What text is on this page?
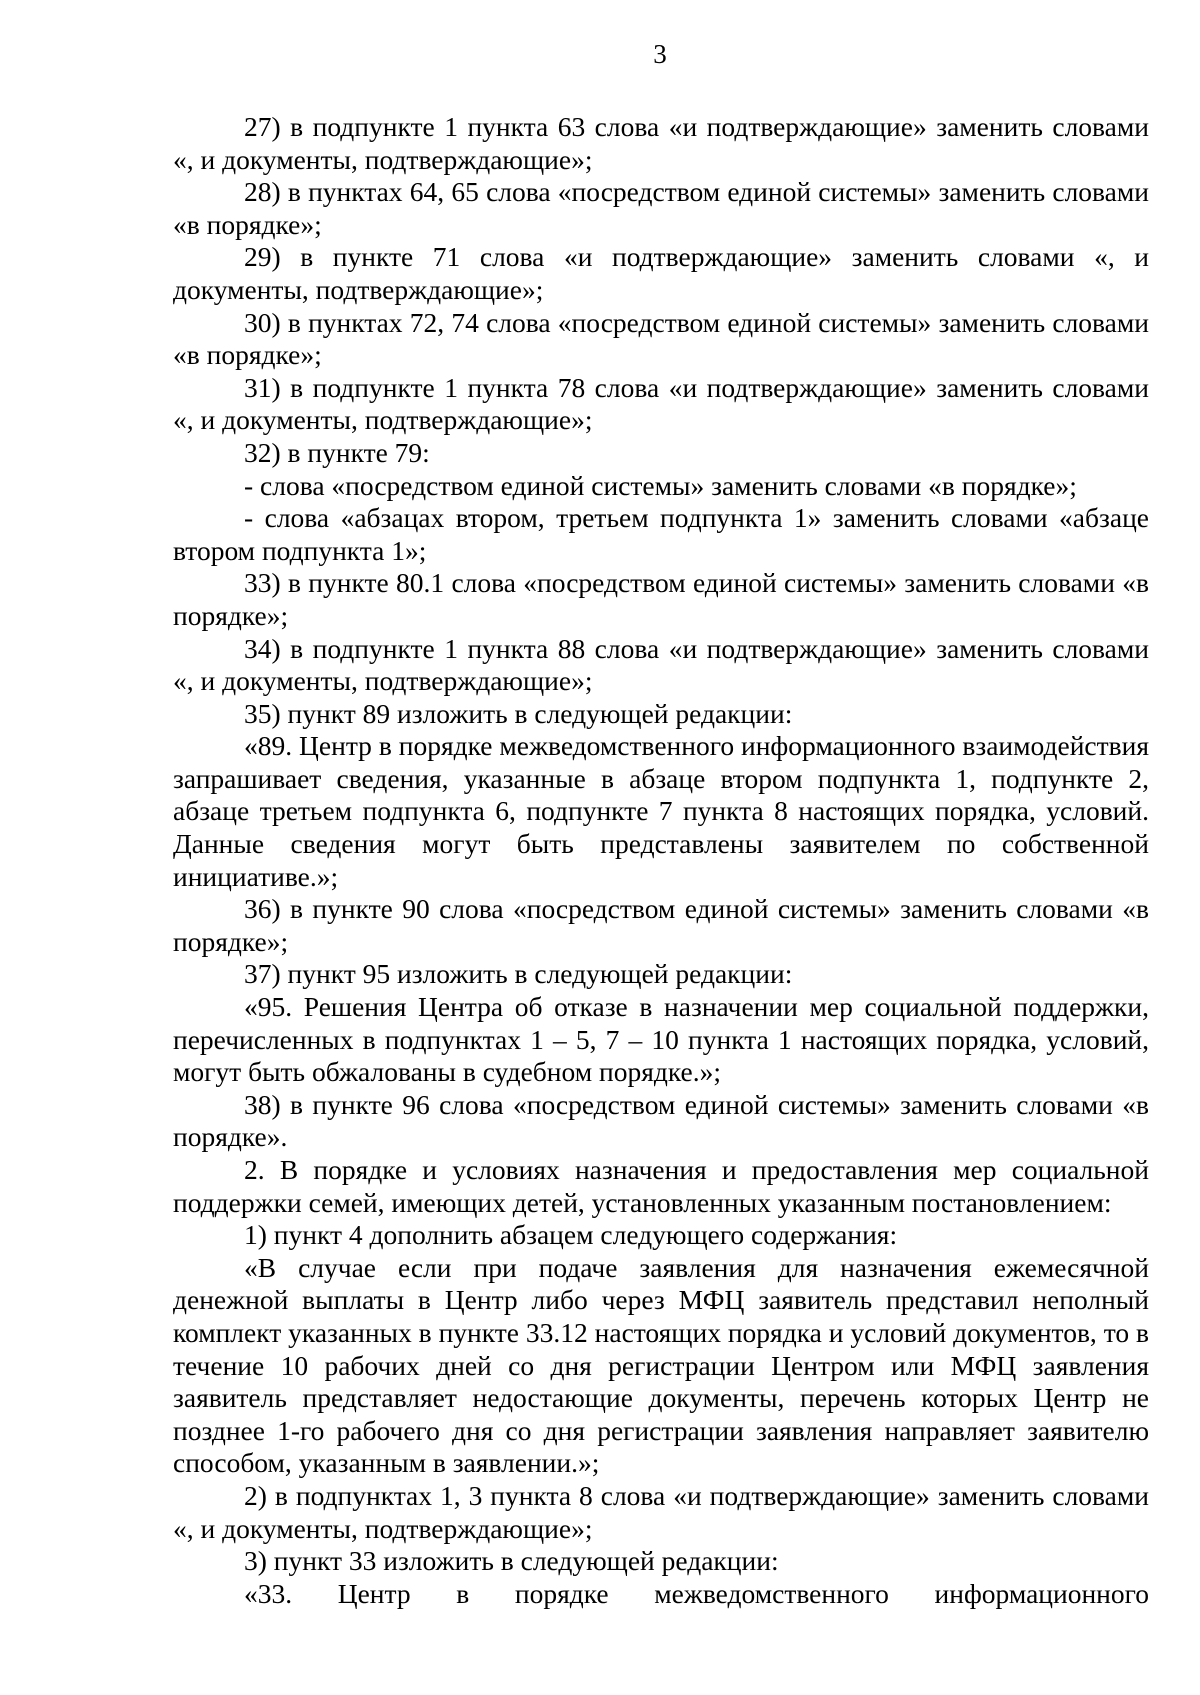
3

27) в подпункте 1 пункта 63 слова «и подтверждающие» заменить словами «, и документы, подтверждающие»;

28) в пунктах 64, 65 слова «посредством единой системы» заменить словами «в порядке»;

29) в пункте 71 слова «и подтверждающие» заменить словами «, и документы, подтверждающие»;

30) в пунктах 72, 74 слова «посредством единой системы» заменить словами «в порядке»;

31) в подпункте 1 пункта 78 слова «и подтверждающие» заменить словами «, и документы, подтверждающие»;

32) в пункте 79:

- слова «посредством единой системы» заменить словами «в порядке»;

- слова «абзацах втором, третьем подпункта 1» заменить словами «абзаце втором подпункта 1»;

33) в пункте 80.1 слова «посредством единой системы» заменить словами «в порядке»;

34) в подпункте 1 пункта 88 слова «и подтверждающие» заменить словами «, и документы, подтверждающие»;

35) пункт 89 изложить в следующей редакции:

«89. Центр в порядке межведомственного информационного взаимодействия запрашивает сведения, указанные в абзаце втором подпункта 1, подпункте 2, абзаце третьем подпункта 6, подпункте 7 пункта 8 настоящих порядка, условий. Данные сведения могут быть представлены заявителем по собственной инициативе.»;

36) в пункте 90 слова «посредством единой системы» заменить словами «в порядке»;

37) пункт 95 изложить в следующей редакции:

«95. Решения Центра об отказе в назначении мер социальной поддержки, перечисленных в подпунктах 1 – 5, 7 – 10 пункта 1 настоящих порядка, условий, могут быть обжалованы в судебном порядке.»;

38) в пункте 96 слова «посредством единой системы» заменить словами «в порядке».

2. В порядке и условиях назначения и предоставления мер социальной поддержки семей, имеющих детей, установленных указанным постановлением:

1) пункт 4 дополнить абзацем следующего содержания:

«В случае если при подаче заявления для назначения ежемесячной денежной выплаты в Центр либо через МФЦ заявитель представил неполный комплект указанных в пункте 33.12 настоящих порядка и условий документов, то в течение 10 рабочих дней со дня регистрации Центром или МФЦ заявления заявитель представляет недостающие документы, перечень которых Центр не позднее 1-го рабочего дня со дня регистрации заявления направляет заявителю способом, указанным в заявлении.»;

2) в подпунктах 1, 3 пункта 8 слова «и подтверждающие» заменить словами «, и документы, подтверждающие»;

3) пункт 33 изложить в следующей редакции:

«33. Центр в порядке межведомственного информационного
